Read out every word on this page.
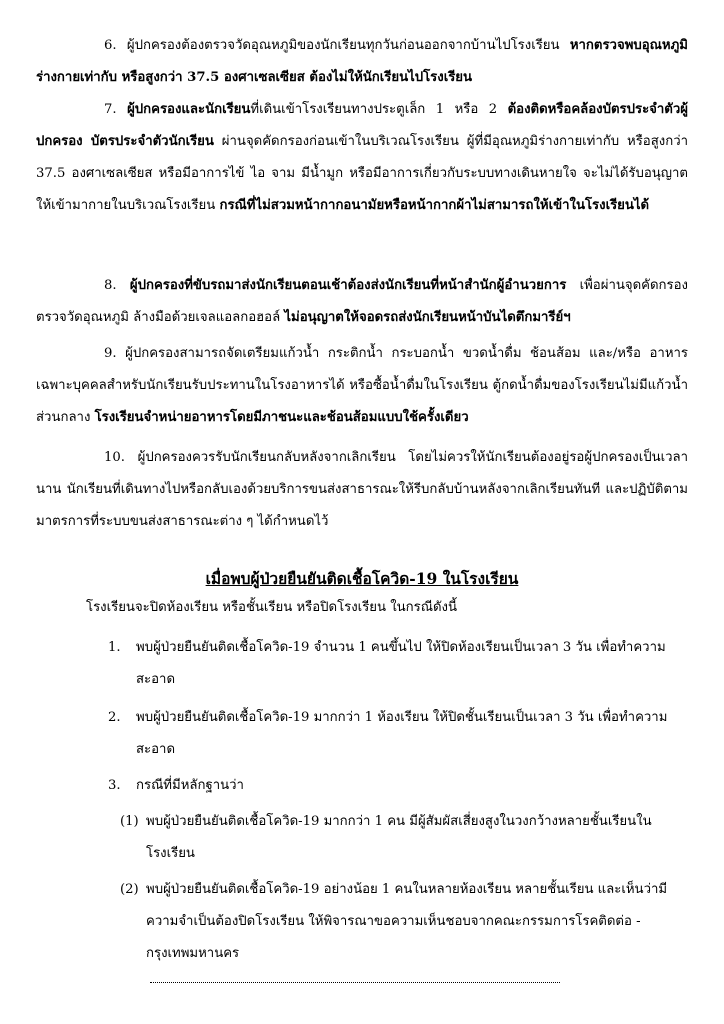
6. ผู้ปกครองต้องตรวจวัดอุณหภูมิของนักเรียนทุกวันก่อนออกจากบ้านไปโรงเรียน หากตรวจพบอุณหภูมิร่างกายเท่ากับ หรือสูงกว่า 37.5 องศาเซลเซียส ต้องไม่ให้นักเรียนไปโรงเรียน
7. ผู้ปกครองและนักเรียนที่เดินเข้าโรงเรียนทางประตูเล็ก 1 หรือ 2 ต้องติดหรือคล้องบัตรประจำตัวผู้ปกครอง บัตรประจำตัวนักเรียน ผ่านจุดคัดกรองก่อนเข้าในบริเวณโรงเรียน ผู้ที่มีอุณหภูมิร่างกายเท่ากับ หรือสูงกว่า 37.5 องศาเซลเซียส หรือมีอาการไข้ ไอ จาม มีน้ำมูก หรือมีอาการเกี่ยวกับระบบทางเดินหายใจ จะไม่ได้รับอนุญาตให้เข้ามากายในบริเวณโรงเรียน กรณีที่ไม่สวมหน้ากากอนามัยหรือหน้ากากผ้าไม่สามารถให้เข้าในโรงเรียนได้
8. ผู้ปกครองที่ขับรถมาส่งนักเรียนตอนเช้าต้องส่งนักเรียนที่หน้าสำนักผู้อำนวยการ เพื่อผ่านจุดคัดกรอง ตรวจวัดอุณหภูมิ ล้างมือด้วยเจลแอลกอฮอล์ ไม่อนุญาตให้จอดรถส่งนักเรียนหน้าบันไดตึกมารีย์ฯ
9. ผู้ปกครองสามารถจัดเตรียมแก้วน้ำ กระติกน้ำ กระบอกน้ำ ขวดน้ำดื่ม ช้อนส้อม และ/หรือ อาหารเฉพาะบุคคลสำหรับนักเรียนรับประทานในโรงอาหารได้ หรือซื้อน้ำดื่มในโรงเรียน ตู้กดน้ำดื่มของโรงเรียนไม่มีแก้วน้ำส่วนกลาง โรงเรียนจำหน่ายอาหารโดยมีภาชนะและช้อนส้อมแบบใช้ครั้งเดียว
10. ผู้ปกครองควรรับนักเรียนกลับหลังจากเลิกเรียน โดยไม่ควรให้นักเรียนต้องอยู่รอผู้ปกครองเป็นเวลานาน นักเรียนที่เดินทางไปหรือกลับเองด้วยบริการขนส่งสาธารณะให้รีบกลับบ้านหลังจากเลิกเรียนทันที และปฏิบัติตามมาตรการที่ระบบขนส่งสาธารณะต่าง ๆ ได้กำหนดไว้
เมื่อพบผู้ป่วยยืนยันติดเชื้อโควิด-19 ในโรงเรียน
โรงเรียนจะปิดห้องเรียน หรือชั้นเรียน หรือปิดโรงเรียน ในกรณีดังนี้
1. พบผู้ป่วยยืนยันติดเชื้อโควิด-19 จำนวน 1 คนขึ้นไป ให้ปิดห้องเรียนเป็นเวลา 3 วัน เพื่อทำความสะอาด
2. พบผู้ป่วยยืนยันติดเชื้อโควิด-19 มากกว่า 1 ห้องเรียน ให้ปิดชั้นเรียนเป็นเวลา 3 วัน เพื่อทำความสะอาด
3. กรณีที่มีหลักฐานว่า
(1) พบผู้ป่วยยืนยันติดเชื้อโควิด-19 มากกว่า 1 คน มีผู้สัมผัสเสี่ยงสูงในวงกว้างหลายชั้นเรียนในโรงเรียน
(2) พบผู้ป่วยยืนยันติดเชื้อโควิด-19 อย่างน้อย 1 คนในหลายห้องเรียน หลายชั้นเรียน และเห็นว่ามีความจำเป็นต้องปิดโรงเรียน ให้พิจารณาขอความเห็นชอบจากคณะกรรมการโรคติดต่อ - กรุงเทพมหานคร
